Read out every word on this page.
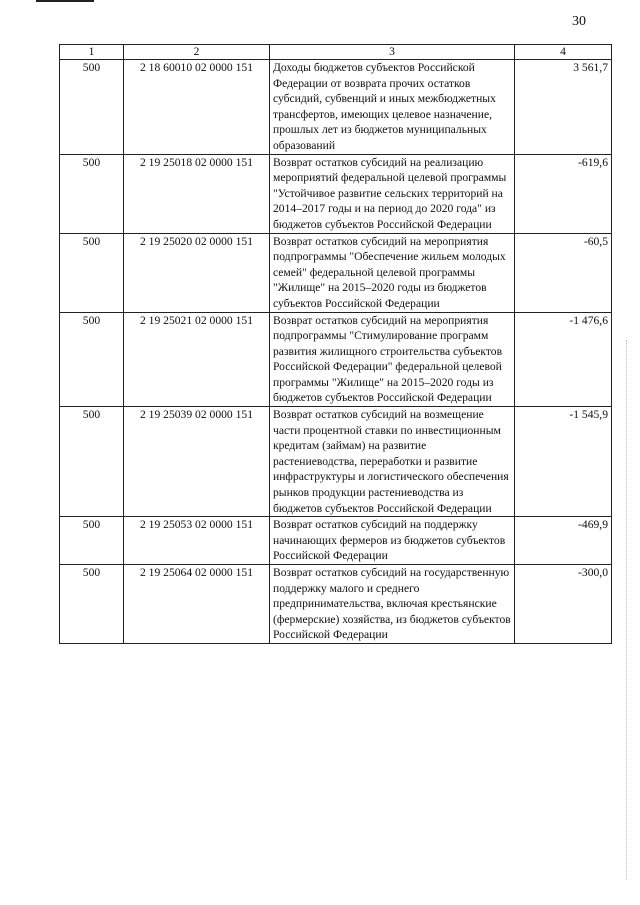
30
1	2	3	4
500	2 18 60010 02 0000 151	Доходы бюджетов субъектов Российской Федерации от возврата прочих остатков субсидий, субвенций и иных межбюджетных трансфертов, имеющих целевое назначение, прошлых лет из бюджетов муниципальных образований	3 561,7
500	2 19 25018 02 0000 151	Возврат остатков субсидий на реализацию мероприятий федеральной целевой программы "Устойчивое развитие сельских территорий на 2014–2017 годы и на период до 2020 года" из бюджетов субъектов Российской Федерации	-619,6
500	2 19 25020 02 0000 151	Возврат остатков субсидий на мероприятия подпрограммы "Обеспечение жильем молодых семей" федеральной целевой программы "Жилище" на 2015–2020 годы из бюджетов субъектов Российской Федерации	-60,5
500	2 19 25021 02 0000 151	Возврат остатков субсидий на мероприятия подпрограммы "Стимулирование программ развития жилищного строительства субъектов Российской Федерации" федеральной целевой программы "Жилище" на 2015–2020 годы из бюджетов субъектов Российской Федерации	-1 476,6
500	2 19 25039 02 0000 151	Возврат остатков субсидий на возмещение части процентной ставки по инвестиционным кредитам (займам) на развитие растениеводства, переработки и развитие инфраструктуры и логистического обеспечения рынков продукции растениеводства из бюджетов субъектов Российской Федерации	-1 545,9
500	2 19 25053 02 0000 151	Возврат остатков субсидий на поддержку начинающих фермеров из бюджетов субъектов Российской Федерации	-469,9
500	2 19 25064 02 0000 151	Возврат остатков субсидий на государственную поддержку малого и среднего предпринимательства, включая крестьянские (фермерские) хозяйства, из бюджетов субъектов Российской Федерации	-300,0
